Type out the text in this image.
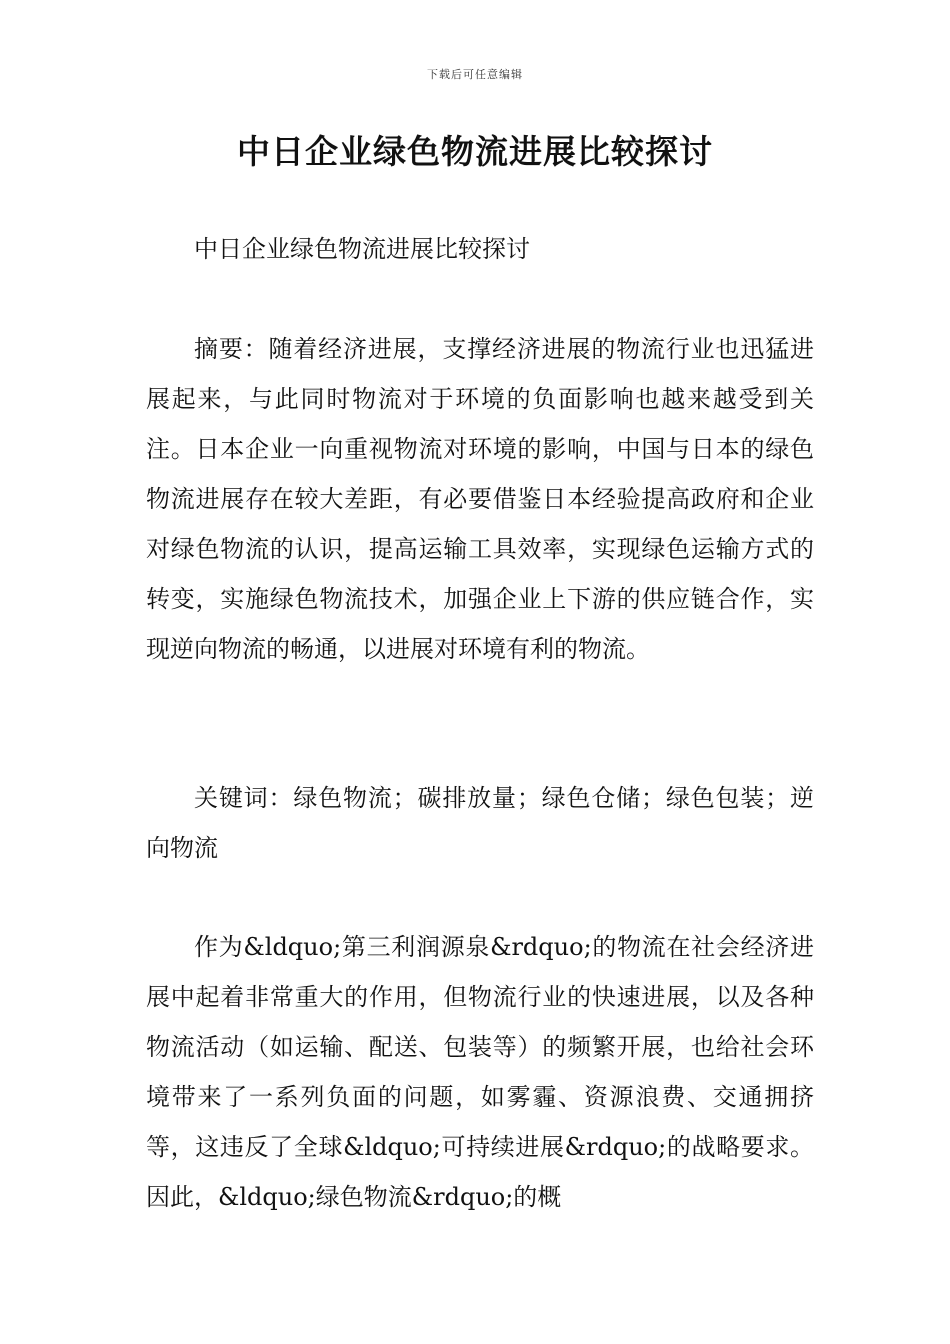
下载后可任意编辑
中日企业绿色物流进展比较探讨

中日企业绿色物流进展比较探讨

摘要：随着经济进展，支撑经济进展的物流行业也迅猛进展起来，与此同时物流对于环境的负面影响也越来越受到关注。日本企业一向重视物流对环境的影响，中国与日本的绿色物流进展存在较大差距，有必要借鉴日本经验提高政府和企业对绿色物流的认识，提高运输工具效率，实现绿色运输方式的转变，实施绿色物流技术，加强企业上下游的供应链合作，实现逆向物流的畅通，以进展对环境有利的物流。

关键词：绿色物流；碳排放量；绿色仓储；绿色包装；逆向物流

作为&ldquo;第三利润源泉&rdquo;的物流在社会经济进展中起着非常重大的作用，但物流行业的快速进展，以及各种物流活动（如运输、配送、包装等）的频繁开展，也给社会环境带来了一系列负面的问题，如雾霾、资源浪费、交通拥挤等，这违反了全球&ldquo;可持续进展&rdquo;的战略要求。因此，&ldquo;绿色物流&rdquo;的概
